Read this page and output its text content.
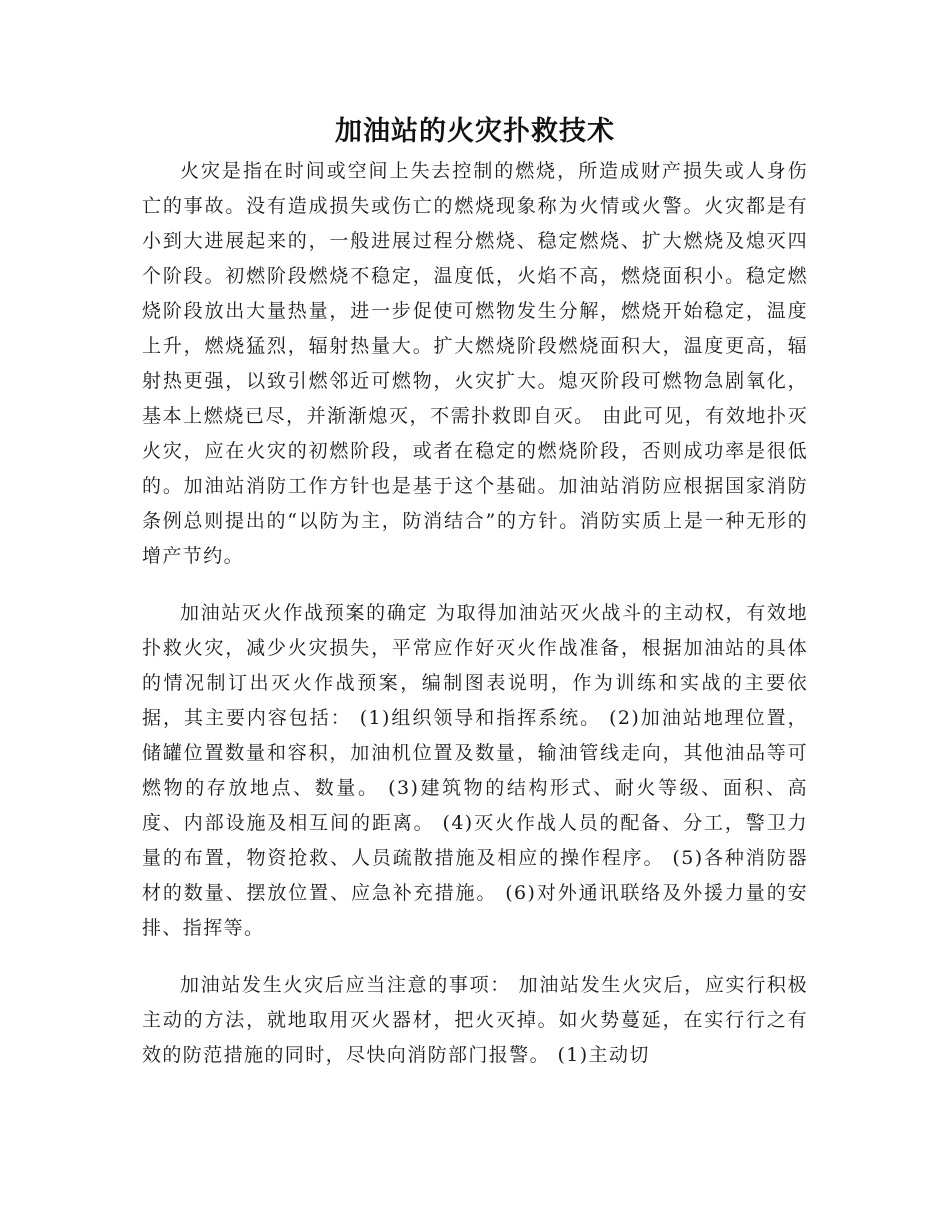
加油站的火灾扑救技术

火灾是指在时间或空间上失去控制的燃烧，所造成财产损失或人身伤亡的事故。没有造成损失或伤亡的燃烧现象称为火情或火警。火灾都是有小到大进展起来的，一般进展过程分燃烧、稳定燃烧、扩大燃烧及熄灭四个阶段。初燃阶段燃烧不稳定，温度低，火焰不高，燃烧面积小。稳定燃烧阶段放出大量热量，进一步促使可燃物发生分解，燃烧开始稳定，温度上升，燃烧猛烈，辐射热量大。扩大燃烧阶段燃烧面积大，温度更高，辐射热更强，以致引燃邻近可燃物，火灾扩大。熄灭阶段可燃物急剧氧化，基本上燃烧已尽，并渐渐熄灭，不需扑救即自灭。 由此可见，有效地扑灭火灾，应在火灾的初燃阶段，或者在稳定的燃烧阶段，否则成功率是很低的。加油站消防工作方针也是基于这个基础。加油站消防应根据国家消防条例总则提出的“以防为主，防消结合”的方针。消防实质上是一种无形的增产节约。

加油站灭火作战预案的确定 为取得加油站灭火战斗的主动权，有效地扑救火灾，减少火灾损失，平常应作好灭火作战准备，根据加油站的具体的情况制订出灭火作战预案，编制图表说明，作为训练和实战的主要依据，其主要内容包括： (1)组织领导和指挥系统。 (2)加油站地理位置，储罐位置数量和容积，加油机位置及数量，输油管线走向，其他油品等可燃物的存放地点、数量。 (3)建筑物的结构形式、耐火等级、面积、高度、内部设施及相互间的距离。 (4)灭火作战人员的配备、分工，警卫力量的布置，物资抢救、人员疏散措施及相应的操作程序。 (5)各种消防器材的数量、摆放位置、应急补充措施。 (6)对外通讯联络及外援力量的安排、指挥等。

加油站发生火灾后应当注意的事项： 加油站发生火灾后，应实行积极主动的方法，就地取用灭火器材，把火灭掉。如火势蔓延，在实行行之有效的防范措施的同时，尽快向消防部门报警。 (1)主动切
